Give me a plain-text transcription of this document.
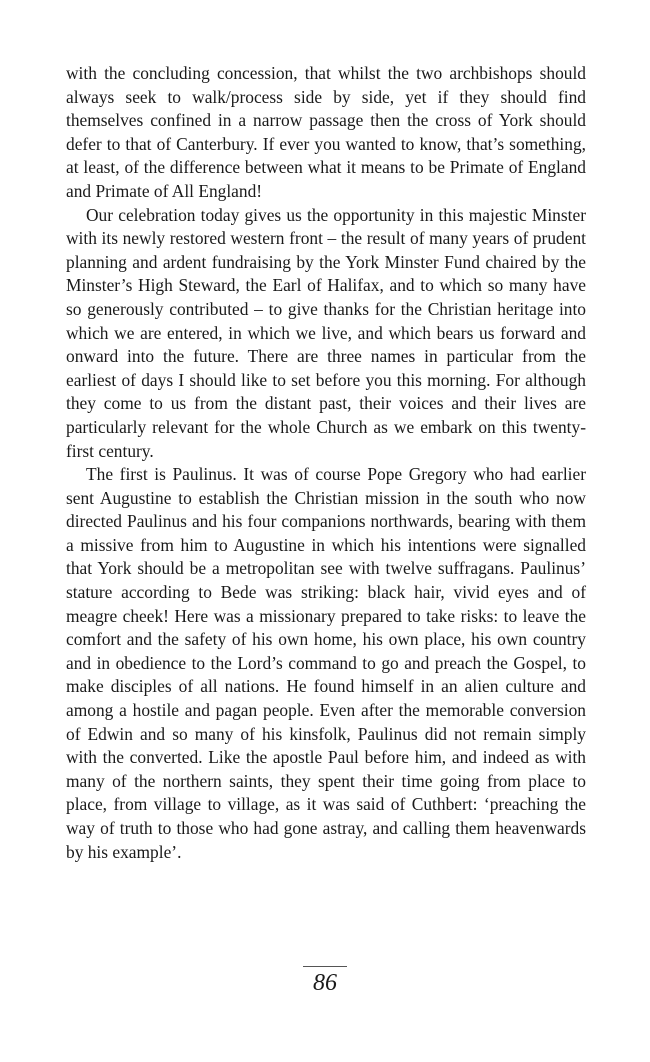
with the concluding concession, that whilst the two archbishops should always seek to walk/process side by side, yet if they should find themselves confined in a narrow passage then the cross of York should defer to that of Canterbury. If ever you wanted to know, that’s something, at least, of the difference between what it means to be Primate of England and Primate of All England!

Our celebration today gives us the opportunity in this majestic Minster with its newly restored western front – the result of many years of prudent planning and ardent fundraising by the York Minster Fund chaired by the Minster’s High Steward, the Earl of Halifax, and to which so many have so generously contributed – to give thanks for the Christian heritage into which we are entered, in which we live, and which bears us forward and onward into the future. There are three names in particular from the earliest of days I should like to set before you this morning. For although they come to us from the distant past, their voices and their lives are particularly relevant for the whole Church as we embark on this twenty-first century.

The first is Paulinus. It was of course Pope Gregory who had earlier sent Augustine to establish the Christian mission in the south who now directed Paulinus and his four companions northwards, bearing with them a missive from him to Augustine in which his intentions were signalled that York should be a metropolitan see with twelve suffragans. Paulinus’ stature according to Bede was striking: black hair, vivid eyes and of meagre cheek! Here was a missionary prepared to take risks: to leave the comfort and the safety of his own home, his own place, his own country and in obedience to the Lord’s command to go and preach the Gospel, to make disciples of all nations. He found himself in an alien culture and among a hostile and pagan people. Even after the memorable conversion of Edwin and so many of his kinsfolk, Paulinus did not remain simply with the converted. Like the apostle Paul before him, and indeed as with many of the northern saints, they spent their time going from place to place, from village to village, as it was said of Cuthbert: ‘preaching the way of truth to those who had gone astray, and calling them heavenwards by his example’.

86
